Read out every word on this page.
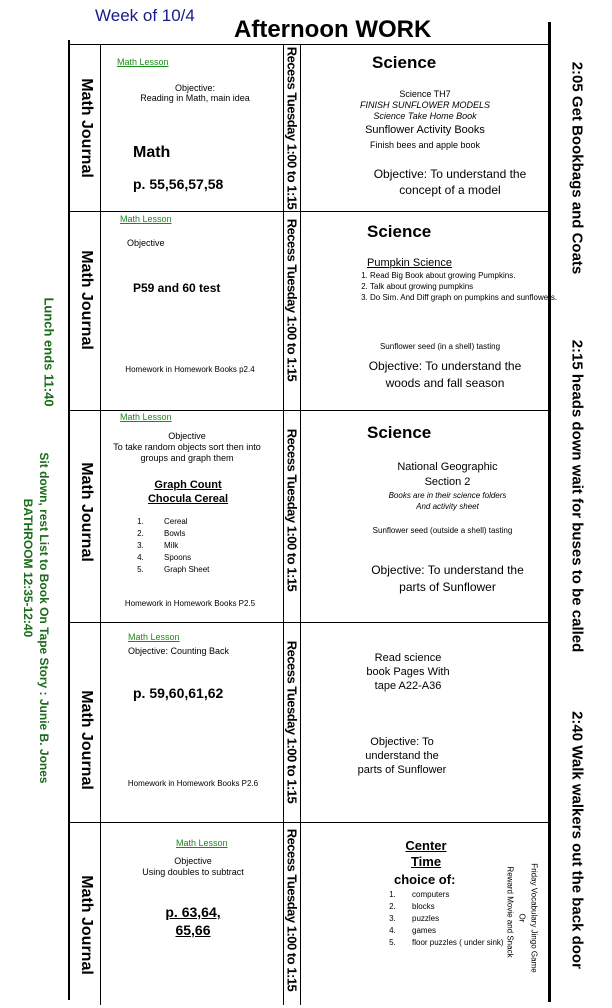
Week of 10/4
Afternoon WORK
2:05 Get Bookbags and Coats
2:15 heads down wait for buses to be called
2:40 Walk walkers out the back door
Lunch ends 11:40
Sit down, rest List to Book On Tape Story : Junie B. Jones
BATHROOM 12:35-12:40
Math Journal
Math Journal
Math Journal
Math Journal
Math Journal
Recess Tuesday 1:00 to 1:15
Recess Tuesday 1:00 to 1:15
Recess Tuesday 1:00 to 1:15
Recess Tuesday 1:00 to 1:15
Recess Tuesday 1:00 to 1:15
Math Lesson
Objective:
Reading in Math, main idea
Math
p. 55,56,57,58
Science
Science TH7
FINISH SUNFLOWER MODELS
Science Take Home Book
Sunflower Activity Books
Finish bees and apple book
Objective: To understand the concept of a model
Math Lesson
Objective
P59 and 60 test
Homework in Homework Books p2.4
Science
Pumpkin Science
1. Read Big Book about growing Pumpkins.
2. Talk about growing pumpkins
3. Do Sim. And Diff graph on pumpkins and sunflowers.
Sunflower seed (in a shell) tasting
Objective: To understand the woods and fall season
Math Lesson
Objective
To take random objects sort then into groups and graph them
Graph Count Chocula Cereal
1. Cereal
2. Bowls
3. Milk
4. Spoons
5. Graph Sheet
Homework in Homework Books P2.5
Science
National Geographic Section 2
Books are in their science folders
And activity sheet
Sunflower seed (outside a shell) tasting
Objective: To understand the parts of Sunflower
Math Lesson
Objective: Counting Back
p. 59,60,61,62
Homework in Homework Books P2.6
Read science book Pages With tape A22-A36
Objective: To understand the parts of Sunflower
Math Lesson
Objective
Using doubles to subtract
p. 63,64, 65,66
Center Time
choice of:
1. computers
2. blocks
3. puzzles
4. games
5. floor puzzles ( under sink)	Friday Vocabulary Jingo Game
Or
Reward Movie and Snack
